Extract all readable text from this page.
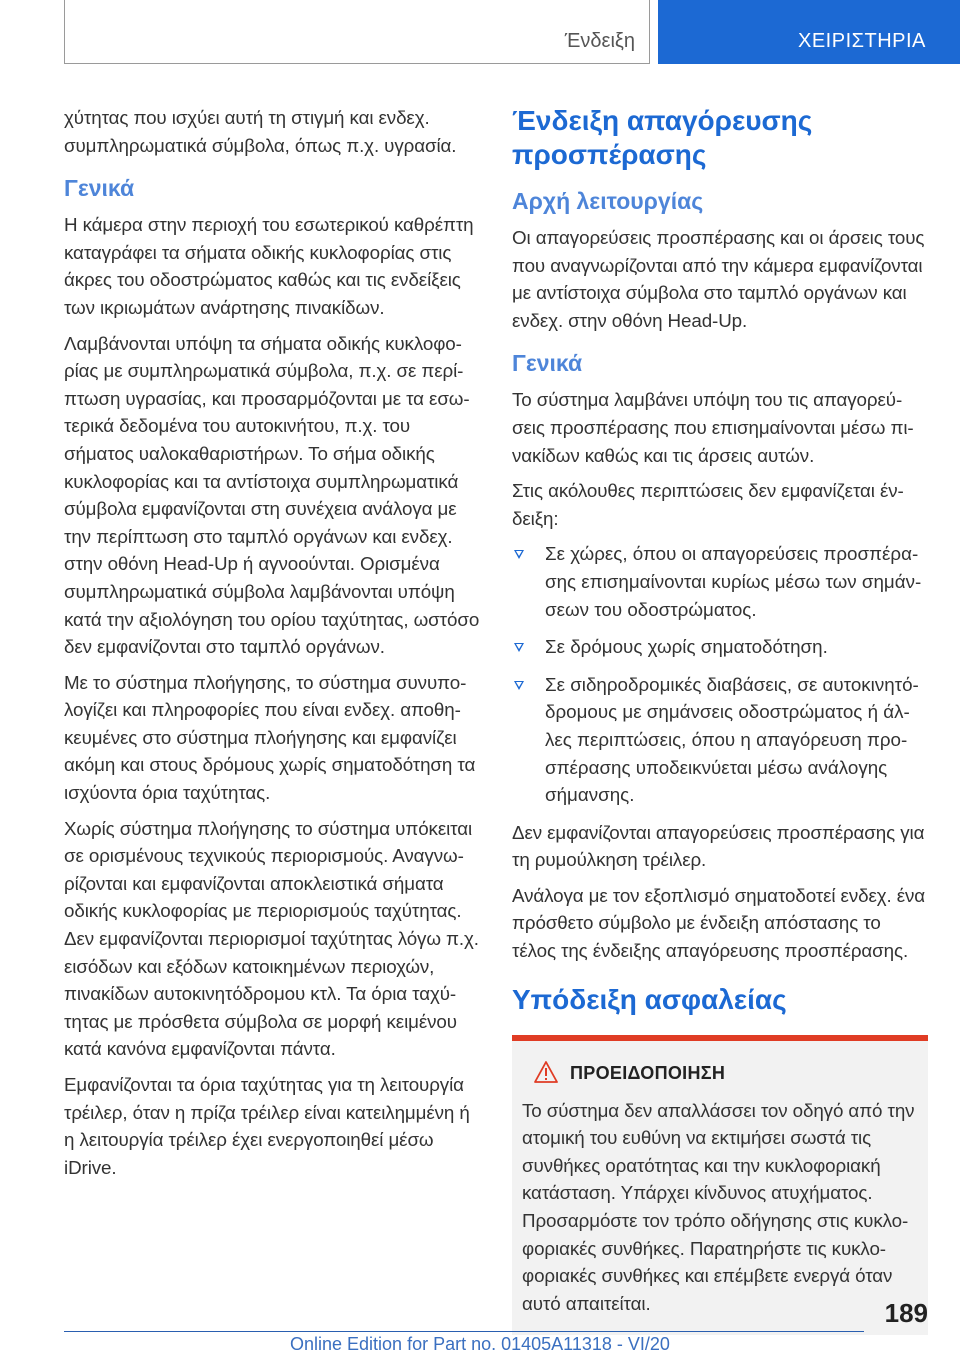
Ένδειξη	ΧΕΙΡΙΣΤΗΡΙΑ

χύτητας που ισχύει αυτή τη στιγμή και ενδεχ. συμπληρωματικά σύμβολα, όπως π.χ. υγρασία.

Γενικά

Η κάμερα στην περιοχή του εσωτερικού καθρέπτη καταγράφει τα σήματα οδικής κυκλοφορίας στις άκρες του οδοστρώματος καθώς και τις ενδείξεις των ικριωμάτων ανάρτησης πινακίδων.

Λαμβάνονται υπόψη τα σήματα οδικής κυκλοφορίας με συμπληρωματικά σύμβολα, π.χ. σε περίπτωση υγρασίας, και προσαρμόζονται με τα εσωτερικά δεδομένα του αυτοκινήτου, π.χ. του σήματος υαλοκαθαριστήρων. Το σήμα οδικής κυκλοφορίας και τα αντίστοιχα συμπληρωματικά σύμβολα εμφανίζονται στη συνέχεια ανάλογα με την περίπτωση στο ταμπλό οργάνων και ενδεχ. στην οθόνη Head-Up ή αγνοούνται. Ορισμένα συμπληρωματικά σύμβολα λαμβάνονται υπόψη κατά την αξιολόγηση του ορίου ταχύτητας, ωστόσο δεν εμφανίζονται στο ταμπλό οργάνων.

Με το σύστημα πλοήγησης, το σύστημα συνυπολογίζει και πληροφορίες που είναι ενδεχ. αποθηκευμένες στο σύστημα πλοήγησης και εμφανίζει ακόμη και στους δρόμους χωρίς σηματοδότηση τα ισχύοντα όρια ταχύτητας.

Χωρίς σύστημα πλοήγησης το σύστημα υπόκειται σε ορισμένους τεχνικούς περιορισμούς. Αναγνωρίζονται και εμφανίζονται αποκλειστικά σήματα οδικής κυκλοφορίας με περιορισμούς ταχύτητας. Δεν εμφανίζονται περιορισμοί ταχύτητας λόγω π.χ. εισόδων και εξόδων κατοικημένων περιοχών, πινακίδων αυτοκινητόδρομου κτλ. Τα όρια ταχύτητας με πρόσθετα σύμβολα σε μορφή κειμένου κατά κανόνα εμφανίζονται πάντα.

Εμφανίζονται τα όρια ταχύτητας για τη λειτουργία τρέιλερ, όταν η πρίζα τρέιλερ είναι κατειλημμένη ή η λειτουργία τρέιλερ έχει ενεργοποιηθεί μέσω iDrive.

Ένδειξη απαγόρευσης προσπέρασης
Αρχή λειτουργίας

Οι απαγορεύσεις προσπέρασης και οι άρσεις τους που αναγνωρίζονται από την κάμερα εμφανίζονται με αντίστοιχα σύμβολα στο ταμπλό οργάνων και ενδεχ. στην οθόνη Head-Up.

Γενικά

Το σύστημα λαμβάνει υπόψη του τις απαγορεύσεις προσπέρασης που επισημαίνονται μέσω πινακίδων καθώς και τις άρσεις αυτών.

Στις ακόλουθες περιπτώσεις δεν εμφανίζεται ένδειξη:

Σε χώρες, όπου οι απαγορεύσεις προσπέρασης επισημαίνονται κυρίως μέσω των σημάνσεων του οδοστρώματος.
Σε δρόμους χωρίς σηματοδότηση.
Σε σιδηροδρομικές διαβάσεις, σε αυτοκινητόδρομους με σημάνσεις οδοστρώματος ή άλλες περιπτώσεις, όπου η απαγόρευση προσπέρασης υποδεικνύεται μέσω ανάλογης σήμανσης.

Δεν εμφανίζονται απαγορεύσεις προσπέρασης για τη ρυμούλκηση τρέιλερ.

Ανάλογα με τον εξοπλισμό σηματοδοτεί ενδεχ. ένα πρόσθετο σύμβολο με ένδειξη απόστασης το τέλος της ένδειξης απαγόρευσης προσπέρασης.

Υπόδειξη ασφαλείας
ΠΡΟΕΙΔΟΠΟΙΗΣΗ

Το σύστημα δεν απαλλάσσει τον οδηγό από την ατομική του ευθύνη να εκτιμήσει σωστά τις συνθήκες ορατότητας και την κυκλοφοριακή κατάσταση. Υπάρχει κίνδυνος ατυχήματος. Προσαρμόστε τον τρόπο οδήγησης στις κυκλοφοριακές συνθήκες. Παρατηρήστε τις κυκλοφοριακές συνθήκες και επέμβετε ενεργά όταν αυτό απαιτείται.	189
Online Edition for Part no. 01405A11318 - VI/20
